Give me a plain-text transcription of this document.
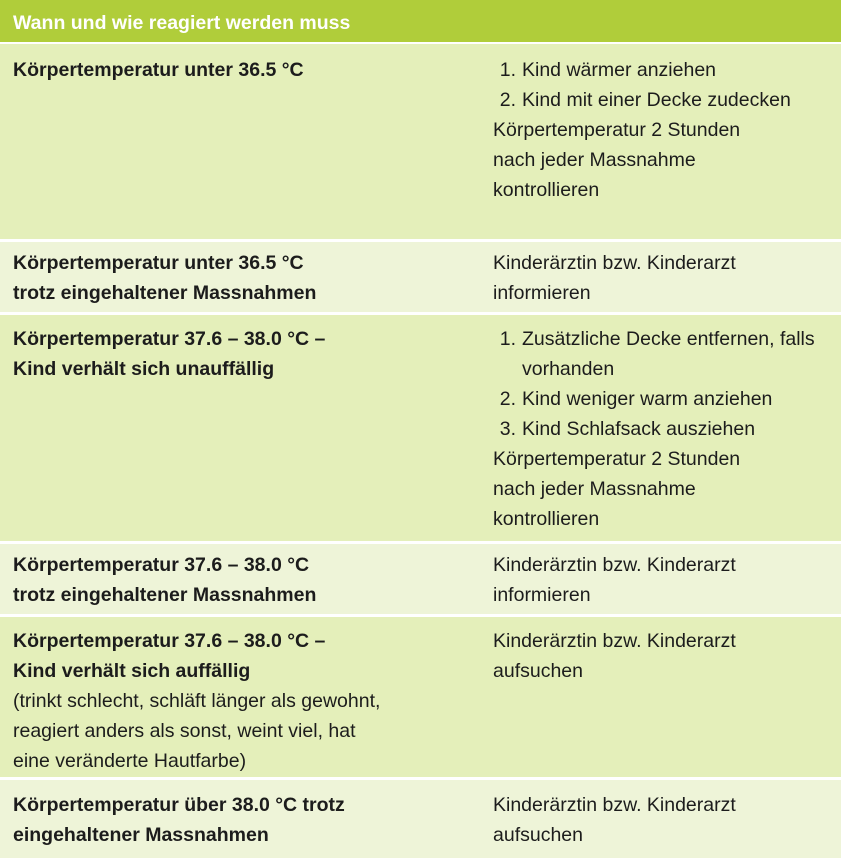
Wann und wie reagiert werden muss
Körpertemperatur unter 36.5 °C	1. Kind wärmer anziehen
2. Kind mit einer Decke zudecken
Körpertemperatur 2 Stunden
nach jeder Massnahme
kontrollieren
Körpertemperatur unter 36.5 °C
trotz eingehaltener Massnahmen
Kinderärztin bzw. Kinderarzt
informieren
Körpertemperatur 37.6 – 38.0 °C –
Kind verhält sich unauffällig
1. Zusätzliche Decke entfernen, falls vorhanden
2. Kind weniger warm anziehen
3. Kind Schlafsack ausziehen
Körpertemperatur 2 Stunden
nach jeder Massnahme
kontrollieren
Körpertemperatur 37.6 – 38.0 °C
trotz eingehaltener Massnahmen
Kinderärztin bzw. Kinderarzt
informieren
Körpertemperatur 37.6 – 38.0 °C –
Kind verhält sich auffällig
(trinkt schlecht, schläft länger als gewohnt,
reagiert anders als sonst, weint viel, hat
eine veränderte Hautfarbe)
Kinderärztin bzw. Kinderarzt
aufsuchen
Körpertemperatur über 38.0 °C trotz
eingehaltener Massnahmen
Kinderärztin bzw. Kinderarzt
aufsuchen
